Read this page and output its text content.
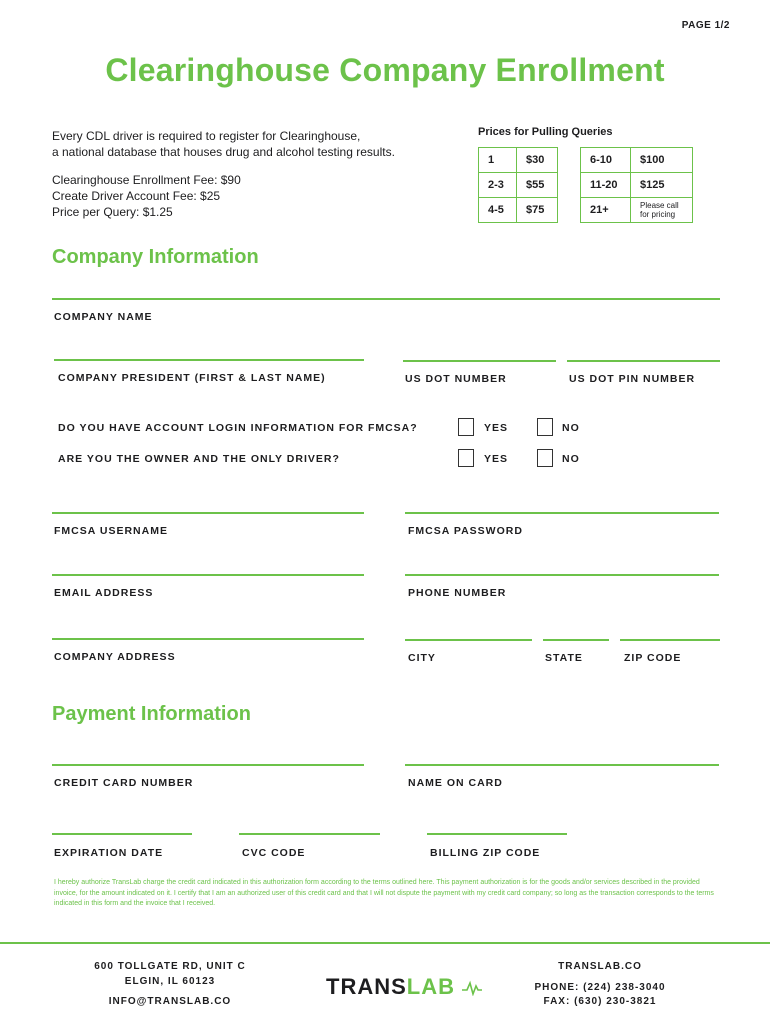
PAGE 1/2
Clearinghouse Company Enrollment

Every CDL driver is required to register for Clearinghouse,

a national database that houses drug and alcohol testing results.

Clearinghouse Enrollment Fee: $90

Create Driver Account Fee: $25

Price per Query: $1.25

Prices for Pulling Queries
1	$30
2-3	$55
4-5	$75
6-10	$100
11-20	$125
21+	Please call for pricing
Company Information
COMPANY NAME
COMPANY PRESIDENT (FIRST & LAST NAME)	US DOT NUMBER	US DOT PIN NUMBER
DO YOU HAVE ACCOUNT LOGIN INFORMATION FOR FMCSA?	YES	NO
ARE YOU THE OWNER AND THE ONLY DRIVER?	YES	NO
FMCSA USERNAME	FMCSA PASSWORD
EMAIL ADDRESS	PHONE NUMBER
COMPANY ADDRESS	CITY	STATE	ZIP CODE
Payment Information
CREDIT CARD NUMBER	NAME ON CARD
EXPIRATION DATE	CVC CODE	BILLING ZIP CODE
I hereby authorize TransLab charge the credit card indicated in this authorization form according to the terms outlined here. This payment authorization is for the goods and/or services described in the provided invoice, for the amount indicated on it. I certify that I am an authorized user of this credit card and that I will not dispute the payment with my credit card company; so long as the transaction corresponds to the terms indicated in this form and the invoice that I received.
600 TOLLGATE RD, UNIT C
ELGIN, IL 60123
INFO@TRANSLAB.CO
TRANSLAB
TRANSLAB.CO
PHONE: (224) 238-3040
FAX: (630) 230-3821
